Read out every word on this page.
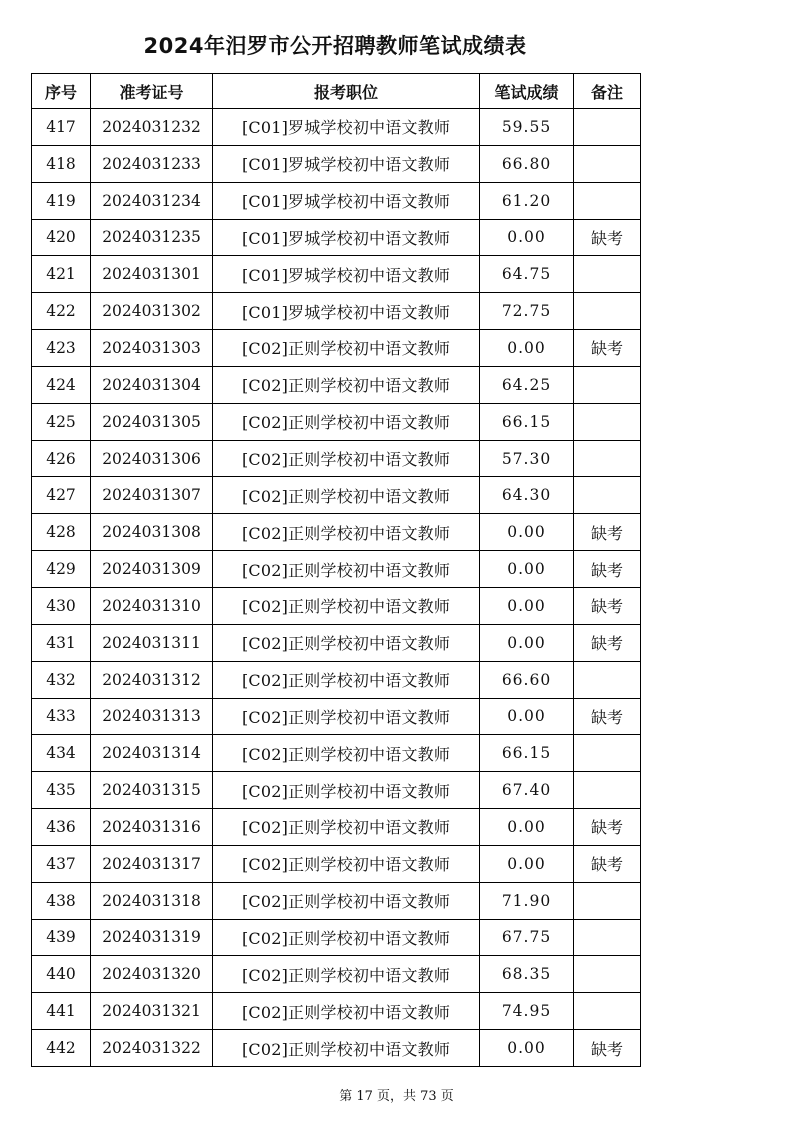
2024年汨罗市公开招聘教师笔试成绩表
序号	准考证号	报考职位	笔试成绩	备注
417	2024031232	[C01]罗城学校初中语文教师	59.55	
418	2024031233	[C01]罗城学校初中语文教师	66.80	
419	2024031234	[C01]罗城学校初中语文教师	61.20	
420	2024031235	[C01]罗城学校初中语文教师	0.00	缺考
421	2024031301	[C01]罗城学校初中语文教师	64.75	
422	2024031302	[C01]罗城学校初中语文教师	72.75	
423	2024031303	[C02]正则学校初中语文教师	0.00	缺考
424	2024031304	[C02]正则学校初中语文教师	64.25	
425	2024031305	[C02]正则学校初中语文教师	66.15	
426	2024031306	[C02]正则学校初中语文教师	57.30	
427	2024031307	[C02]正则学校初中语文教师	64.30	
428	2024031308	[C02]正则学校初中语文教师	0.00	缺考
429	2024031309	[C02]正则学校初中语文教师	0.00	缺考
430	2024031310	[C02]正则学校初中语文教师	0.00	缺考
431	2024031311	[C02]正则学校初中语文教师	0.00	缺考
432	2024031312	[C02]正则学校初中语文教师	66.60	
433	2024031313	[C02]正则学校初中语文教师	0.00	缺考
434	2024031314	[C02]正则学校初中语文教师	66.15	
435	2024031315	[C02]正则学校初中语文教师	67.40	
436	2024031316	[C02]正则学校初中语文教师	0.00	缺考
437	2024031317	[C02]正则学校初中语文教师	0.00	缺考
438	2024031318	[C02]正则学校初中语文教师	71.90	
439	2024031319	[C02]正则学校初中语文教师	67.75	
440	2024031320	[C02]正则学校初中语文教师	68.35	
441	2024031321	[C02]正则学校初中语文教师	74.95	
442	2024031322	[C02]正则学校初中语文教师	0.00	缺考
第 17 页，共 73 页
